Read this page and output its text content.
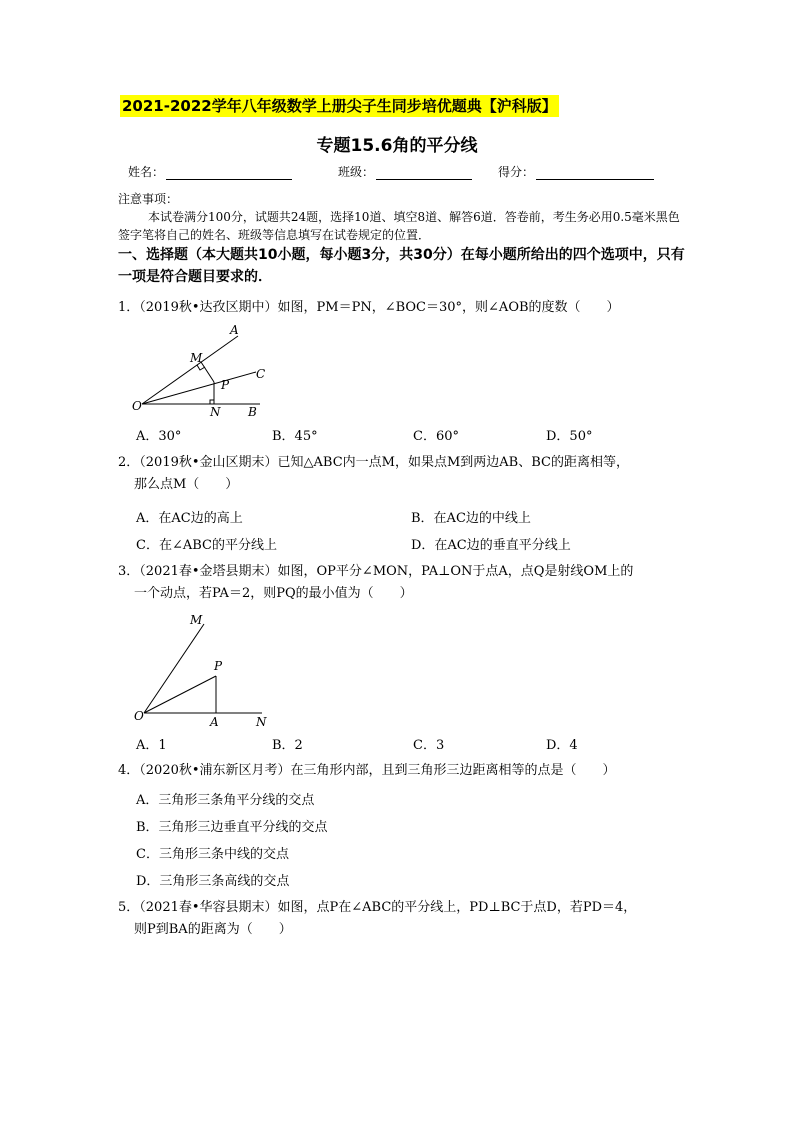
2021-2022学年八年级数学上册尖子生同步培优题典【沪科版】
专题15.6角的平分线
姓名：	班级：	得分：
注意事项：
本试卷满分100分，试题共24题，选择10道、填空8道、解答6道．答卷前，考生务必用0.5毫米黑色签字笔将自己的姓名、班级等信息填写在试卷规定的位置．
一、选择题（本大题共10小题，每小题3分，共30分）在每小题所给出的四个选项中，只有一项是符合题目要求的．
1．（2019秋•达孜区期中）如图，PM＝PN，∠BOC＝30°，则∠AOB的度数（　　）
A
M
C
P
O	N B
A．30°	B．45°	C．60°	D．50°
2．（2019秋•金山区期末）已知△ABC内一点M，如果点M到两边AB、BC的距离相等，
那么点M（　　）
A．在AC边的高上	B．在AC边的中线上
C．在∠ABC的平分线上	D．在AC边的垂直平分线上
3．（2021春•金塔县期末）如图，OP平分∠MON，PA⊥ON于点A，点Q是射线OM上的
一个动点，若PA＝2，则PQ的最小值为（　　）
M
P
O	A	N
A．1	B．2	C．3	D．4
4．（2020秋•浦东新区月考）在三角形内部，且到三角形三边距离相等的点是（　　）
A．三角形三条角平分线的交点
B．三角形三边垂直平分线的交点
C．三角形三条中线的交点
D．三角形三条高线的交点
5．（2021春•华容县期末）如图，点P在∠ABC的平分线上，PD⊥BC于点D，若PD＝4，
则P到BA的距离为（　　）
